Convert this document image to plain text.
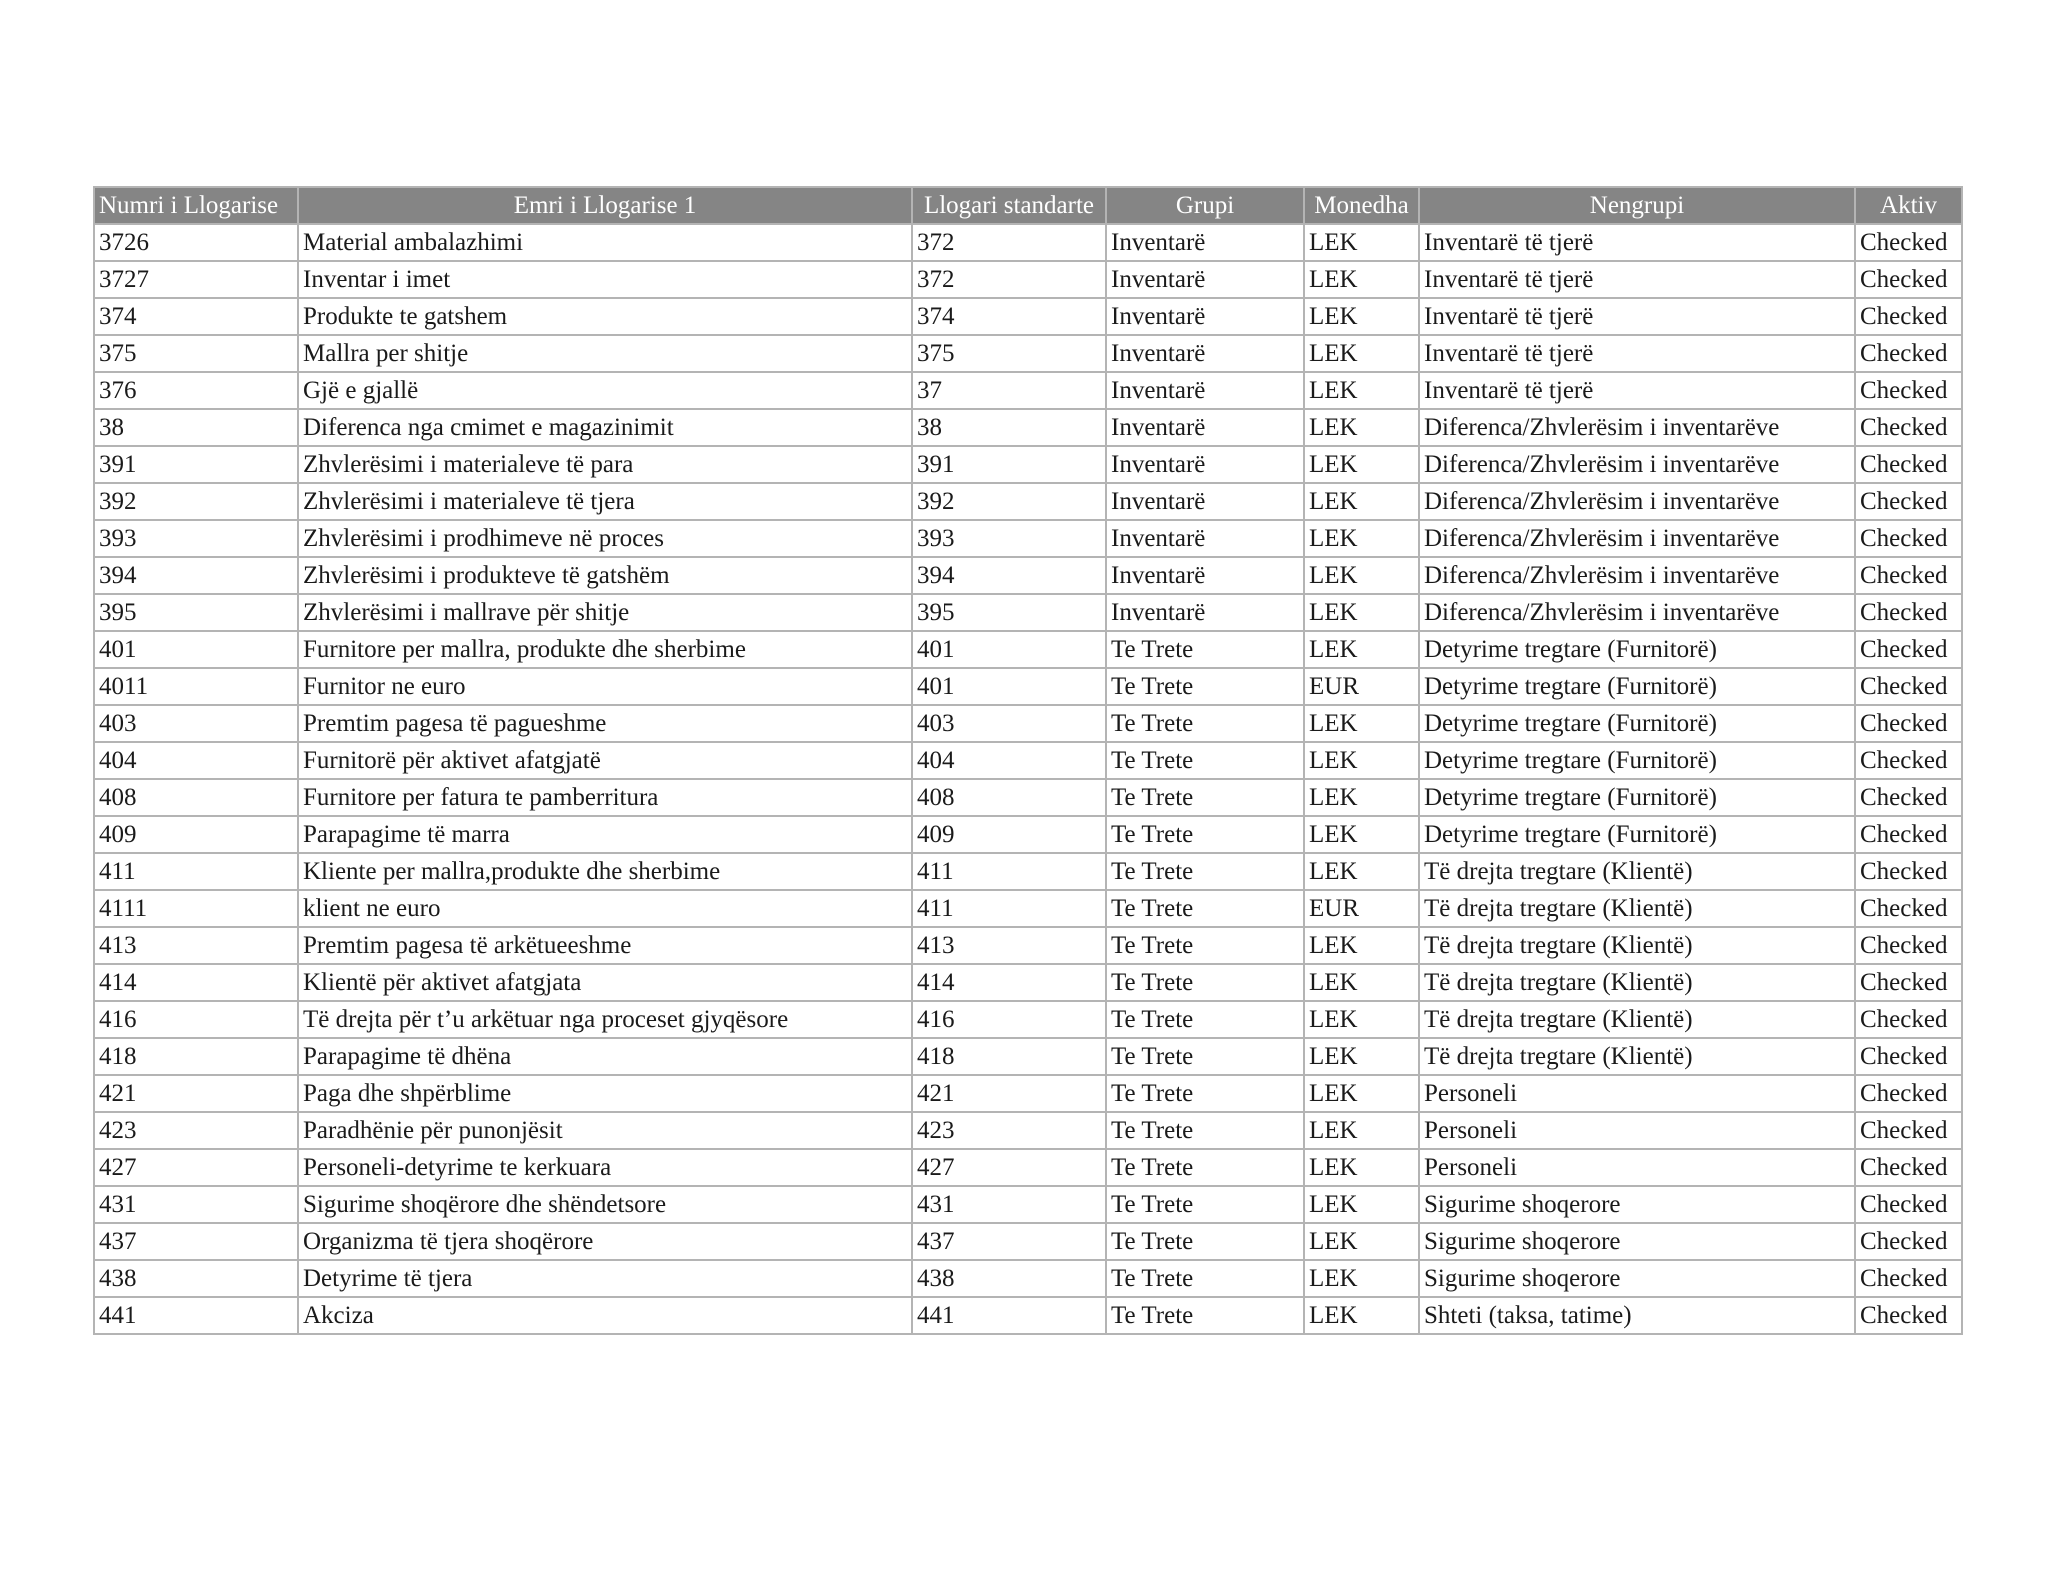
Numri i Llogarise	Emri i Llogarise 1	Llogari standarte	Grupi	Monedha	Nengrupi	Aktiv
3726	Material ambalazhimi	372	Inventarë	LEK	Inventarë të tjerë	Checked
3727	Inventar i imet	372	Inventarë	LEK	Inventarë të tjerë	Checked
374	Produkte te gatshem	374	Inventarë	LEK	Inventarë të tjerë	Checked
375	Mallra per shitje	375	Inventarë	LEK	Inventarë të tjerë	Checked
376	Gjë e gjallë	37	Inventarë	LEK	Inventarë të tjerë	Checked
38	Diferenca nga cmimet e magazinimit	38	Inventarë	LEK	Diferenca/Zhvlerësim i inventarëve	Checked
391	Zhvlerësimi i materialeve të para	391	Inventarë	LEK	Diferenca/Zhvlerësim i inventarëve	Checked
392	Zhvlerësimi i materialeve të tjera	392	Inventarë	LEK	Diferenca/Zhvlerësim i inventarëve	Checked
393	Zhvlerësimi i prodhimeve në proces	393	Inventarë	LEK	Diferenca/Zhvlerësim i inventarëve	Checked
394	Zhvlerësimi i produkteve të gatshëm	394	Inventarë	LEK	Diferenca/Zhvlerësim i inventarëve	Checked
395	Zhvlerësimi i mallrave për shitje	395	Inventarë	LEK	Diferenca/Zhvlerësim i inventarëve	Checked
401	Furnitore per mallra, produkte dhe sherbime	401	Te Trete	LEK	Detyrime tregtare (Furnitorë)	Checked
4011	Furnitor ne euro	401	Te Trete	EUR	Detyrime tregtare (Furnitorë)	Checked
403	Premtim pagesa të pagueshme	403	Te Trete	LEK	Detyrime tregtare (Furnitorë)	Checked
404	Furnitorë për aktivet afatgjatë	404	Te Trete	LEK	Detyrime tregtare (Furnitorë)	Checked
408	Furnitore per fatura te pamberritura	408	Te Trete	LEK	Detyrime tregtare (Furnitorë)	Checked
409	Parapagime të marra	409	Te Trete	LEK	Detyrime tregtare (Furnitorë)	Checked
411	Kliente per mallra,produkte dhe sherbime	411	Te Trete	LEK	Të drejta tregtare (Klientë)	Checked
4111	klient ne euro	411	Te Trete	EUR	Të drejta tregtare (Klientë)	Checked
413	Premtim pagesa të arkëtueeshme	413	Te Trete	LEK	Të drejta tregtare (Klientë)	Checked
414	Klientë për aktivet afatgjata	414	Te Trete	LEK	Të drejta tregtare (Klientë)	Checked
416	Të drejta për t’u arkëtuar nga proceset gjyqësore	416	Te Trete	LEK	Të drejta tregtare (Klientë)	Checked
418	Parapagime të dhëna	418	Te Trete	LEK	Të drejta tregtare (Klientë)	Checked
421	Paga dhe shpërblime	421	Te Trete	LEK	Personeli	Checked
423	Paradhënie për punonjësit	423	Te Trete	LEK	Personeli	Checked
427	Personeli-detyrime te kerkuara	427	Te Trete	LEK	Personeli	Checked
431	Sigurime shoqërore dhe shëndetsore	431	Te Trete	LEK	Sigurime shoqerore	Checked
437	Organizma të tjera shoqërore	437	Te Trete	LEK	Sigurime shoqerore	Checked
438	Detyrime të tjera	438	Te Trete	LEK	Sigurime shoqerore	Checked
441	Akciza	441	Te Trete	LEK	Shteti (taksa, tatime)	Checked
